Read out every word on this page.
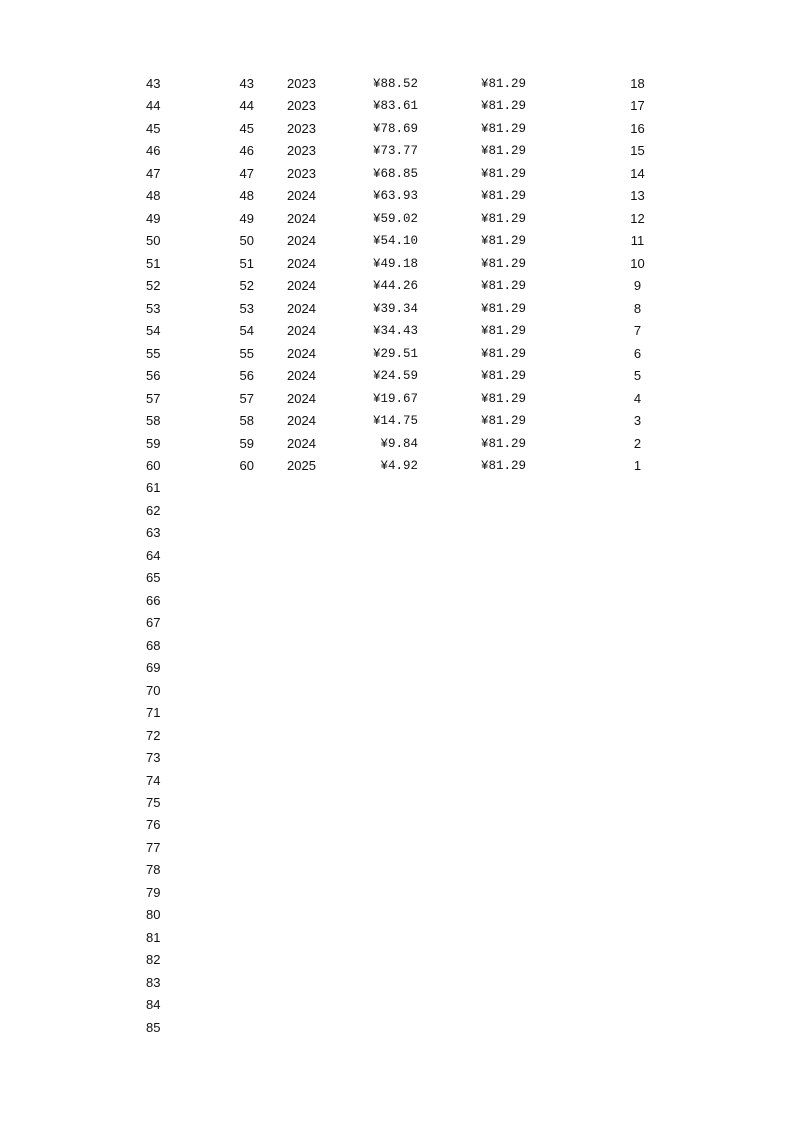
43	43	2023	¥88.52	¥81.29	18
44	44	2023	¥83.61	¥81.29	17
45	45	2023	¥78.69	¥81.29	16
46	46	2023	¥73.77	¥81.29	15
47	47	2023	¥68.85	¥81.29	14
48	48	2024	¥63.93	¥81.29	13
49	49	2024	¥59.02	¥81.29	12
50	50	2024	¥54.10	¥81.29	11
51	51	2024	¥49.18	¥81.29	10
52	52	2024	¥44.26	¥81.29	9
53	53	2024	¥39.34	¥81.29	8
54	54	2024	¥34.43	¥81.29	7
55	55	2024	¥29.51	¥81.29	6
56	56	2024	¥24.59	¥81.29	5
57	57	2024	¥19.67	¥81.29	4
58	58	2024	¥14.75	¥81.29	3
59	59	2024	¥9.84	¥81.29	2
60	60	2025	¥4.92	¥81.29	1
61
62
63
64
65
66
67
68
69
70
71
72
73
74
75
76
77
78
79
80
81
82
83
84
85
